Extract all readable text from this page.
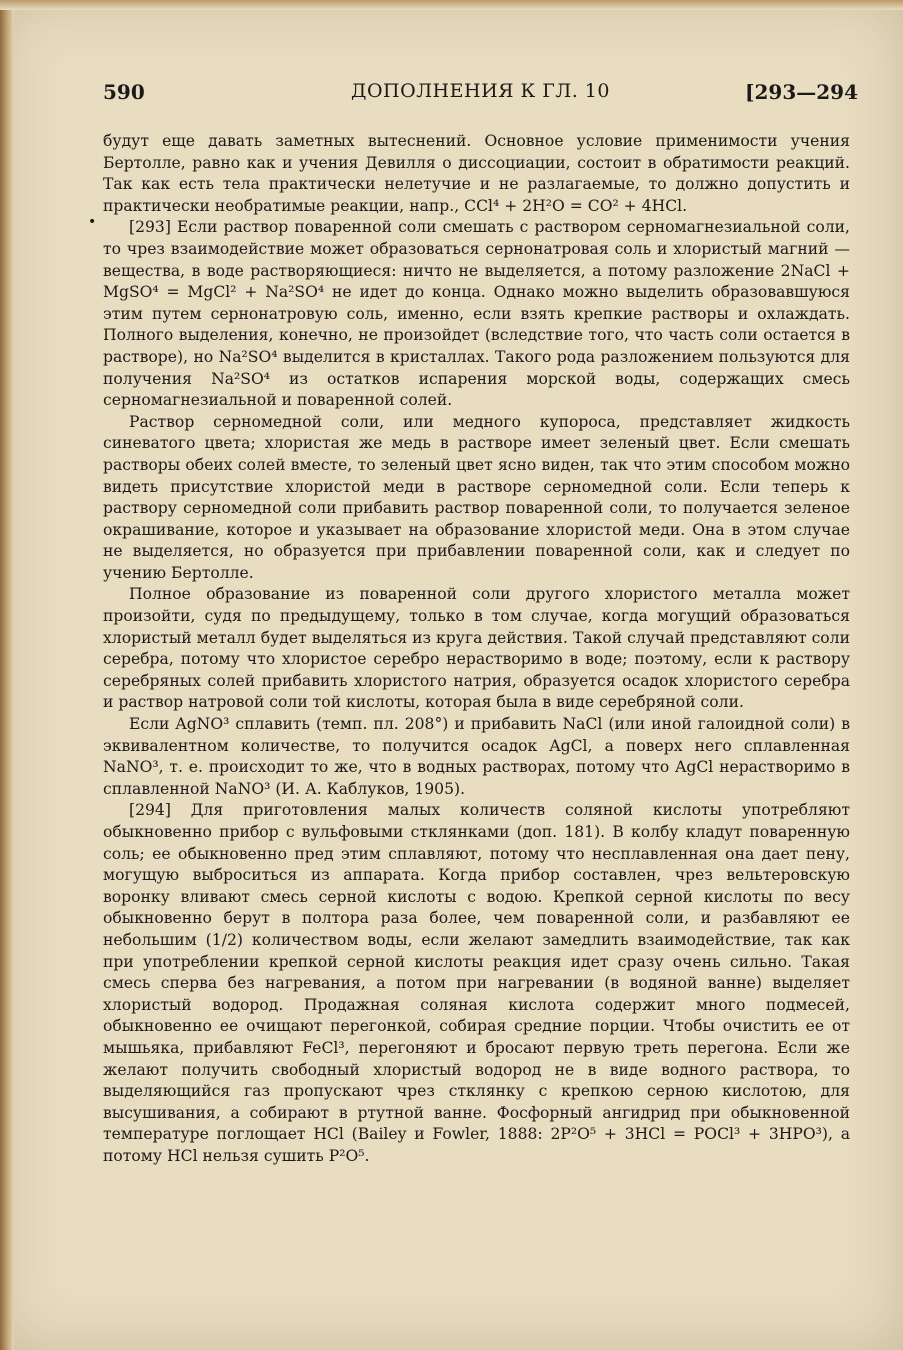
590	ДОПОЛНЕНИЯ К ГЛ. 10	[293—294
•

будут еще давать заметных вытеснений. Основное условие применимости учения Бертолле, равно как и учения Девилля о диссоциации, состоит в обратимости реакций. Так как есть тела практически нелетучие и не разлагаемые, то должно допустить и практически необратимые реакции, напр., CCl⁴ + 2H²O = CO² + 4HCl.

[293] Если раствор поваренной соли смешать с раствором серномагнезиальной соли, то чрез взаимодействие может образоваться сернонатровая соль и хлористый магний — вещества, в воде растворяющиеся: ничто не выделяется, а потому разложение 2NaCl + MgSO⁴ = MgCl² + Na²SO⁴ не идет до конца. Однако можно выделить образовавшуюся этим путем сернонатровую соль, именно, если взять крепкие растворы и охлаждать. Полного выделения, конечно, не произойдет (вследствие того, что часть соли остается в растворе), но Na²SO⁴ выделится в кристаллах. Такого рода разложением пользуются для получения Na²SO⁴ из остатков испарения морской воды, содержащих смесь серномагнезиальной и поваренной солей.

Раствор серномедной соли, или медного купороса, представляет жидкость синеватого цвета; хлористая же медь в растворе имеет зеленый цвет. Если смешать растворы обеих солей вместе, то зеленый цвет ясно виден, так что этим способом можно видеть присутствие хлористой меди в растворе серномедной соли. Если теперь к раствору серномедной соли прибавить раствор поваренной соли, то получается зеленое окрашивание, которое и указывает на образование хлористой меди. Она в этом случае не выделяется, но образуется при прибавлении поваренной соли, как и следует по учению Бертолле.

Полное образование из поваренной соли другого хлористого металла может произойти, судя по предыдущему, только в том случае, когда могущий образоваться хлористый металл будет выделяться из круга действия. Такой случай представляют соли серебра, потому что хлористое серебро нерастворимо в воде; поэтому, если к раствору серебряных солей прибавить хлористого натрия, образуется осадок хлористого серебра и раствор натровой соли той кислоты, которая была в виде серебряной соли.

Если AgNO³ сплавить (темп. пл. 208°) и прибавить NaCl (или иной галоидной соли) в эквивалентном количестве, то получится осадок AgCl, а поверх него сплавленная NaNO³, т. е. происходит то же, что в водных растворах, потому что AgCl нерастворимо в сплавленной NaNO³ (И. А. Каблуков, 1905).

[294] Для приготовления малых количеств соляной кислоты употребляют обыкновенно прибор с вульфовыми стклянками (доп. 181). В колбу кладут поваренную соль; ее обыкновенно пред этим сплавляют, потому что несплавленная она дает пену, могущую выброситься из аппарата. Когда прибор составлен, чрез вельтеровскую воронку вливают смесь серной кислоты с водою. Крепкой серной кислоты по весу обыкновенно берут в полтора раза более, чем поваренной соли, и разбавляют ее небольшим (1/2) количеством воды, если желают замедлить взаимодействие, так как при употреблении крепкой серной кислоты реакция идет сразу очень сильно. Такая смесь сперва без нагревания, а потом при нагревании (в водяной ванне) выделяет хлористый водород. Продажная соляная кислота содержит много подмесей, обыкновенно ее очищают перегонкой, собирая средние порции. Чтобы очистить ее от мышьяка, прибавляют FeCl³, перегоняют и бросают первую треть перегона. Если же желают получить свободный хлористый водород не в виде водного раствора, то выделяющийся газ пропускают чрез стклянку с крепкою серною кислотою, для высушивания, а собирают в ртутной ванне. Фосфорный ангидрид при обыкновенной температуре поглощает HCl (Bailey и Fowler, 1888: 2P²O⁵ + 3HCl = POCl³ + 3HPO³), а потому HCl нельзя сушить P²O⁵.
